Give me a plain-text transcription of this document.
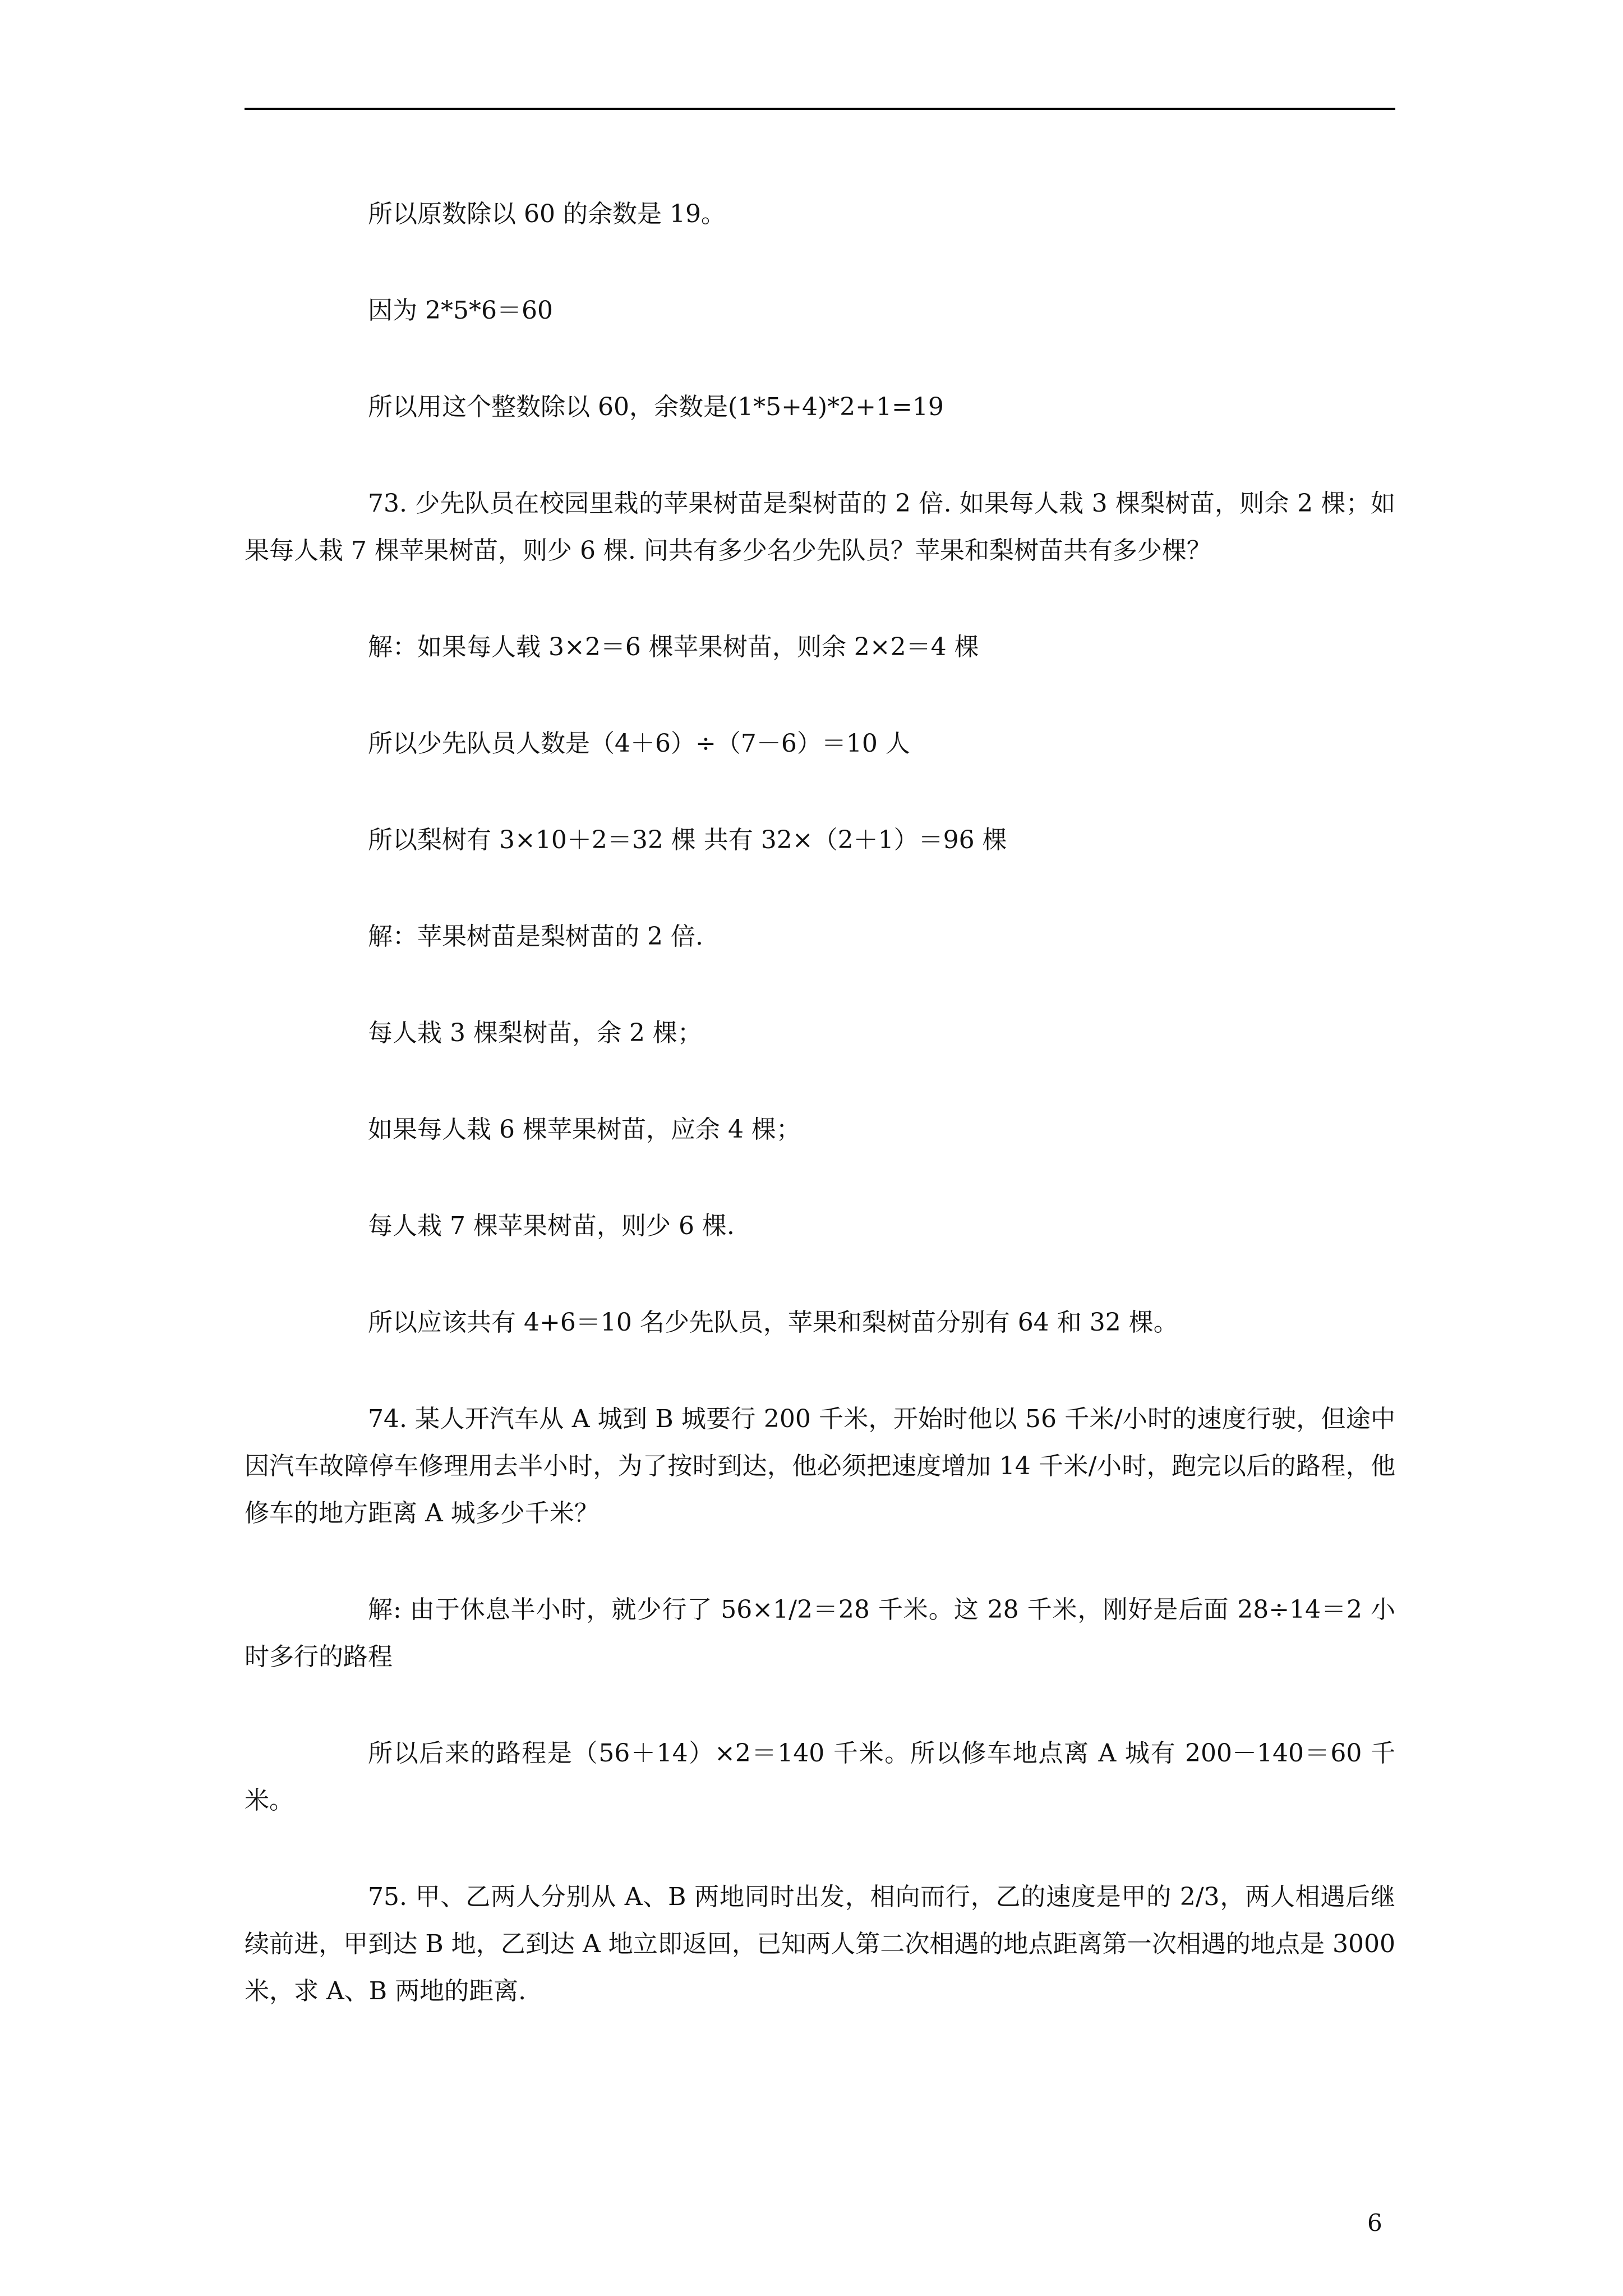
所以原数除以 60 的余数是 19。

因为 2*5*6＝60

所以用这个整数除以 60，余数是(1*5+4)*2+1=19

73. 少先队员在校园里栽的苹果树苗是梨树苗的 2 倍. 如果每人栽 3 棵梨树苗，则余 2 棵；如果每人栽 7 棵苹果树苗，则少 6 棵. 问共有多少名少先队员？苹果和梨树苗共有多少棵？

解：如果每人载 3×2＝6 棵苹果树苗，则余 2×2＝4 棵

所以少先队员人数是（4＋6）÷（7－6）＝10 人

所以梨树有 3×10＋2＝32 棵 共有 32×（2＋1）＝96 棵

解：苹果树苗是梨树苗的 2 倍.

每人栽 3 棵梨树苗，余 2 棵；

如果每人栽 6 棵苹果树苗，应余 4 棵；

每人栽 7 棵苹果树苗，则少 6 棵.

所以应该共有 4+6＝10 名少先队员，苹果和梨树苗分别有 64 和 32 棵。

74. 某人开汽车从 A 城到 B 城要行 200 千米，开始时他以 56 千米/小时的速度行驶，但途中因汽车故障停车修理用去半小时，为了按时到达，他必须把速度增加 14 千米/小时，跑完以后的路程，他修车的地方距离 A 城多少千米？

解: 由于休息半小时，就少行了 56×1/2＝28 千米。这 28 千米，刚好是后面 28÷14＝2 小时多行的路程

所以后来的路程是（56＋14）×2＝140 千米。所以修车地点离 A 城有 200－140＝60 千米。

75. 甲、乙两人分别从 A、B 两地同时出发，相向而行，乙的速度是甲的 2/3，两人相遇后继续前进，甲到达 B 地，乙到达 A 地立即返回，已知两人第二次相遇的地点距离第一次相遇的地点是 3000 米，求 A、B 两地的距离.

6
